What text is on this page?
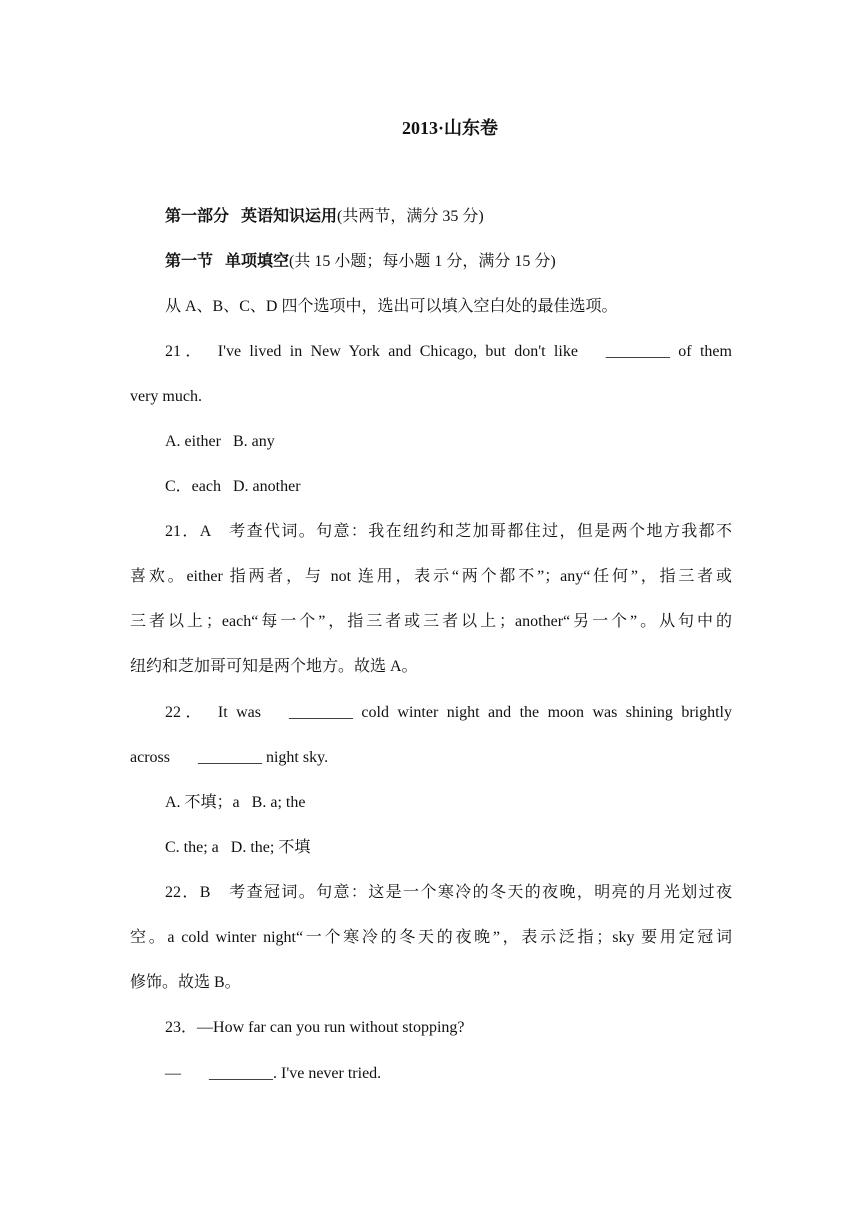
2013·山东卷
第一部分 英语知识运用(共两节，满分 35 分)
第一节 单项填空(共 15 小题；每小题 1 分，满分 15 分)
从 A、B、C、D 四个选项中，选出可以填入空白处的最佳选项。
21． I've lived in New York and Chicago, but don't like ________ of them
very much.
A. either B. any
C．each D. another
21．A　考查代词。句意：我在纽约和芝加哥都住过，但是两个地方我都不
喜欢。either 指两者，与 not 连用，表示“两个都不”；any“任何”，指三者或
三者以上；each“每一个”，指三者或三者以上；another“另一个”。从句中的
纽约和芝加哥可知是两个地方。故选 A。
22． It was ________ cold winter night and the moon was shining brightly
across ________ night sky.
A. 不填；a B. a; the
C. the; a D. the; 不填
22．B　考查冠词。句意：这是一个寒冷的冬天的夜晚，明亮的月光划过夜
空。a cold winter night“一个寒冷的冬天的夜晚”，表示泛指；sky 要用定冠词
修饰。故选 B。
23．—How far can you run without stopping?
— ________. I've never tried.
